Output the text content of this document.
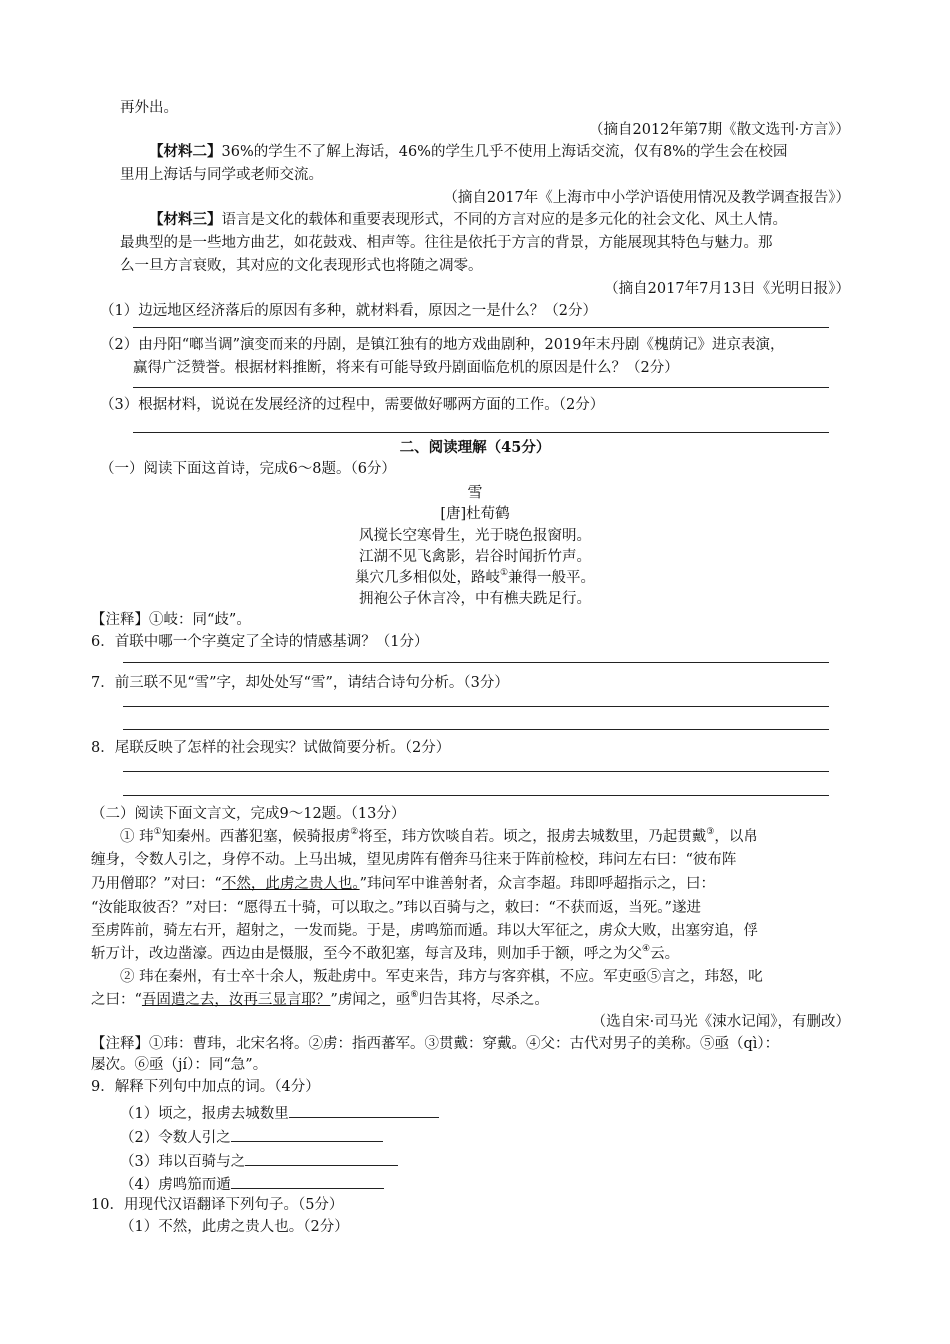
再外出。
（摘自2012年第7期《散文选刊·方言》）
【材料二】36%的学生不了解上海话，46%的学生几乎不使用上海话交流，仅有8%的学生会在校园
里用上海话与同学或老师交流。
（摘自2017年《上海市中小学沪语使用情况及教学调查报告》）
【材料三】语言是文化的载体和重要表现形式，不同的方言对应的是多元化的社会文化、风土人情。
最典型的是一些地方曲艺，如花鼓戏、相声等。往往是依托于方言的背景，方能展现其特色与魅力。那
么一旦方言衰败，其对应的文化表现形式也将随之凋零。
（摘自2017年7月13日《光明日报》）
（1）边远地区经济落后的原因有多种，就材料看，原因之一是什么？（2分）
（2）由丹阳“啷当调”演变而来的丹剧，是镇江独有的地方戏曲剧种，2019年末丹剧《槐荫记》进京表演，
赢得广泛赞誉。根据材料推断，将来有可能导致丹剧面临危机的原因是什么？（2分）
（3）根据材料，说说在发展经济的过程中，需要做好哪两方面的工作。（2分）
二、阅读理解（45分）
（一）阅读下面这首诗，完成6～8题。（6分）
雪
[唐]杜荀鹤
风搅长空寒骨生，光于晓色报窗明。
江湖不见飞禽影，岩谷时闻折竹声。
巢穴几多相似处，路岐①兼得一般平。
拥袍公子休言冷，中有樵夫跣足行。
【注释】①岐：同“歧”。
6．首联中哪一个字奠定了全诗的情感基调？（1分）
7．前三联不见“雪”字，却处处写“雪”，请结合诗句分析。（3分）
8．尾联反映了怎样的社会现实？试做简要分析。（2分）
（二）阅读下面文言文，完成9～12题。（13分）
① 玮①知秦州。西蕃犯塞，候骑报虏②将至，玮方饮啖自若。顷之，报虏去城数里，乃起贯戴③，以帛
缠身，令数人引之，身停不动。上马出城，望见虏阵有僧奔马往来于阵前检校，玮问左右曰：“彼布阵
乃用僧耶？”对曰：“不然，此虏之贵人也。”玮问军中谁善射者，众言李超。玮即呼超指示之，曰：
“汝能取彼否？”对曰：“愿得五十骑，可以取之。”玮以百骑与之，敕曰：“不获而返，当死。”遂进
至虏阵前，骑左右开，超射之，一发而毙。于是，虏鸣笳而遁。玮以大军征之，虏众大败，出塞穷追，俘
斩万计，改边凿濠。西边由是慑服，至今不敢犯塞，每言及玮，则加手于额，呼之为父④云。
② 玮在秦州，有士卒十余人，叛赴虏中。军吏来告，玮方与客弈棋，不应。军吏亟⑤言之，玮怒，叱
之曰：“吾固遣之去，汝再三显言耶？”虏闻之，亟⑥归告其将，尽杀之。
（选自宋·司马光《涑水记闻》，有删改）
【注释】①玮：曹玮，北宋名将。②虏：指西蕃军。③贯戴：穿戴。④父：古代对男子的美称。⑤亟（qì）：
屡次。⑥亟（jí）：同“急”。
9．解释下列句中加点的词。（4分）
（1）顷之，报虏去城数里
（2）令数人引之
（3）玮以百骑与之
（4）虏鸣笳而遁
10．用现代汉语翻译下列句子。（5分）
（1）不然，此虏之贵人也。（2分）
